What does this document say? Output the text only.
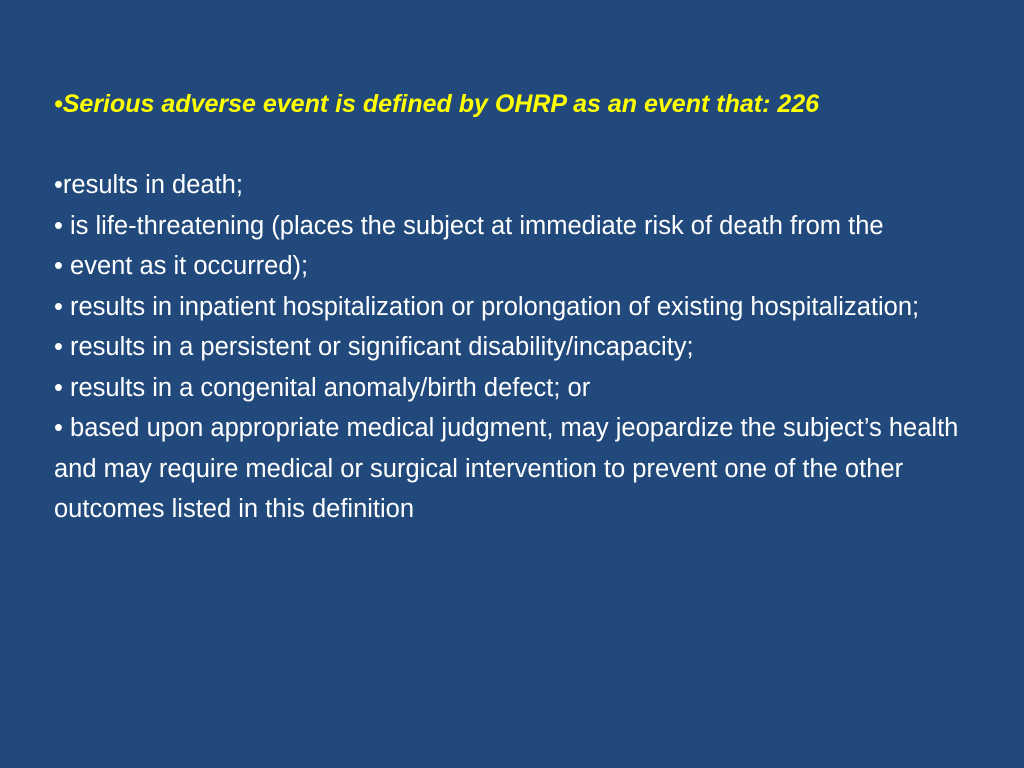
•Serious adverse event is defined by OHRP as an event that: 226
•results in death;
• is life-threatening (places the subject at immediate risk of death from the
• event as it occurred);
• results in inpatient hospitalization or prolongation of existing hospitalization;
• results in a persistent or significant disability/incapacity;
• results in a congenital anomaly/birth defect; or
• based upon appropriate medical judgment, may jeopardize the subject’s health and may require medical or surgical intervention to prevent one of the other outcomes listed in this definition
